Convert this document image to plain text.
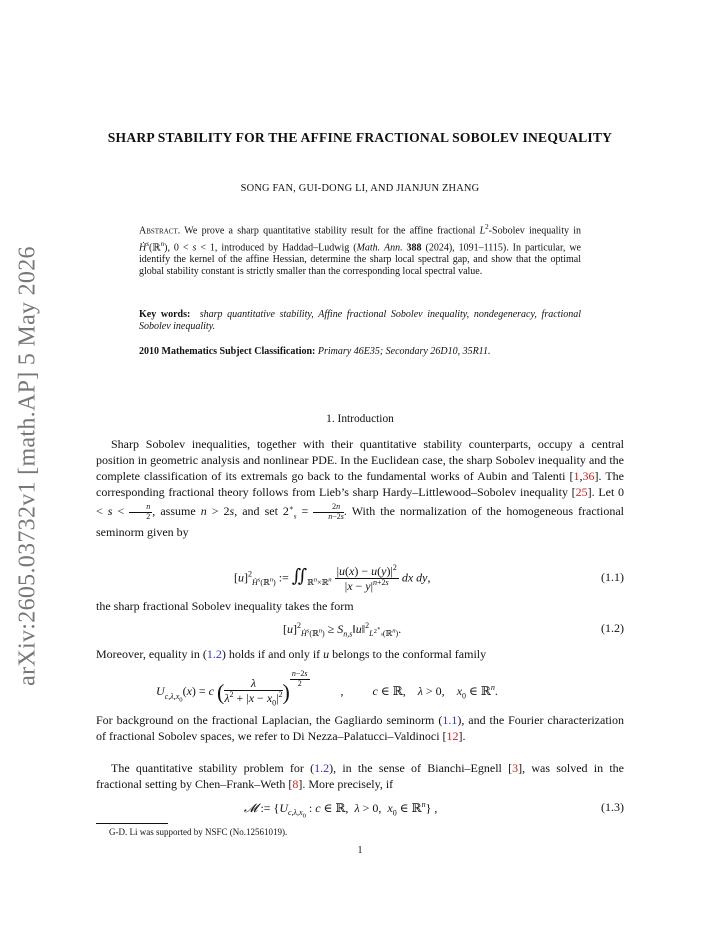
arXiv:2605.03732v1 [math.AP] 5 May 2026
SHARP STABILITY FOR THE AFFINE FRACTIONAL SOBOLEV INEQUALITY
SONG FAN, GUI-DONG LI, AND JIANJUN ZHANG
Abstract. We prove a sharp quantitative stability result for the affine fractional $L^2$-Sobolev inequality in Ḣ$^s$(ℝ$^n$), 0 < s < 1, introduced by Haddad–Ludwig (Math. Ann. 388 (2024), 1091–1115). In particular, we identify the kernel of the affine Hessian, determine the sharp local spectral gap, and show that the optimal global stability constant is strictly smaller than the corresponding local spectral value.
Key words: sharp quantitative stability, Affine fractional Sobolev inequality, nondegeneracy, fractional Sobolev inequality.
2010 Mathematics Subject Classification: Primary 46E35; Secondary 26D10, 35R11.
1. Introduction
Sharp Sobolev inequalities, together with their quantitative stability counterparts, occupy a central position in geometric analysis and nonlinear PDE. In the Euclidean case, the sharp Sobolev inequality and the complete classification of its extremals go back to the fundamental works of Aubin and Talenti [1,36]. The corresponding fractional theory follows from Lieb’s sharp Hardy–Littlewood–Sobolev inequality [25]. Let $0 < s < \frac{n}{2}$ , assume n > 2s, and set $2^∗_s = \frac{2n}{n-2s}$ . With the normalization of the homogeneous fractional seminorm given by
$[u]^2_{Ḣ^s(ℝ^n)}$ := $∬_{ℝ^n\times ℝ^n} \frac{|u(x) - u(y)|^2}{|x - y|^{n+2s}}$ dx dy,	(1.1)
the sharp fractional Sobolev inequality takes the form
$[u]^2_{Ḣ^s(ℝ^n)}$ ≥ $S_{n,s}‖u‖^2_{L^{2^∗_s}(ℝ^n)}$.	(1.2)
Moreover, equality in (1.2) holds if and only if u belongs to the conformal family
$U_{c,\lambda,x_0}(x) = c$ ( $\frac{\lambda}{\lambda^2 + |x - x_0|^2}$ )
$^{\frac{n-2s}{2}}$
, c ∈ ℝ,    λ > 0,    $x_0$ ∈ ℝ$^n$.
For background on the fractional Laplacian, the Gagliardo seminorm (1.1), and the Fourier characterization of fractional Sobolev spaces, we refer to Di Nezza–Palatucci–Valdinoci [12].
The quantitative stability problem for (1.2), in the sense of Bianchi–Egnell [3], was solved in the fractional setting by Chen–Frank–Weth [8]. More precisely, if
𝓜 := {$U_{c,\lambda,x_0}$ : c ∈ ℝ,  λ > 0,  $x_0$ ∈ ℝ$^n$} ,	(1.3)
G-D. Li was supported by NSFC (No.12561019).
1
